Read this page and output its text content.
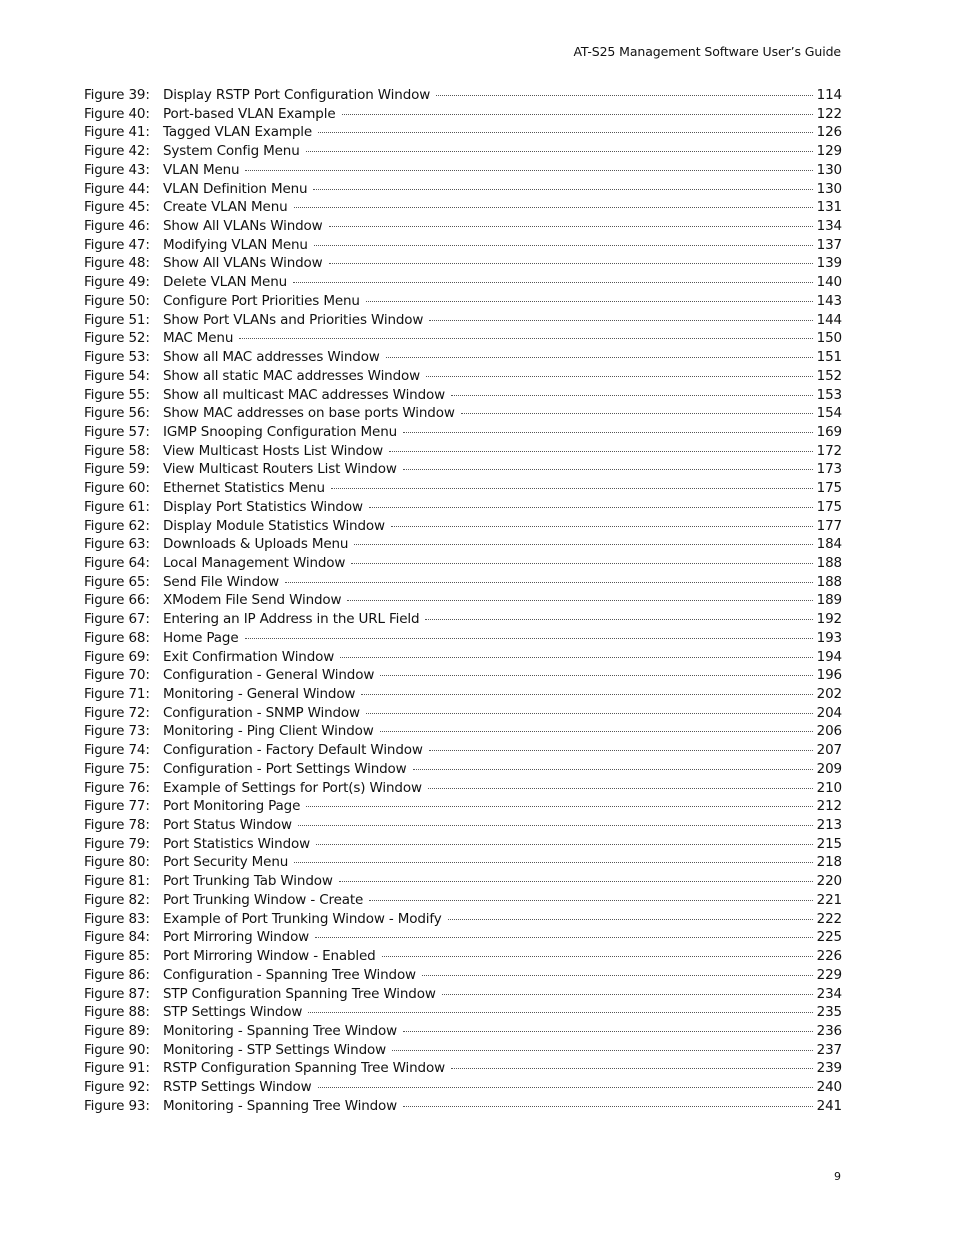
AT-S25 Management Software User’s Guide
Figure 39: Display RSTP Port Configuration Window	114
Figure 40: Port-based VLAN Example	122
Figure 41: Tagged VLAN Example	126
Figure 42: System Config Menu	129
Figure 43: VLAN Menu	130
Figure 44: VLAN Definition Menu	130
Figure 45: Create VLAN Menu	131
Figure 46: Show All VLANs Window	134
Figure 47: Modifying VLAN Menu	137
Figure 48: Show All VLANs Window	139
Figure 49: Delete VLAN Menu	140
Figure 50: Configure Port Priorities Menu	143
Figure 51: Show Port VLANs and Priorities Window	144
Figure 52: MAC Menu	150
Figure 53: Show all MAC addresses Window	151
Figure 54: Show all static MAC addresses Window	152
Figure 55: Show all multicast MAC addresses Window	153
Figure 56: Show MAC addresses on base ports Window	154
Figure 57: IGMP Snooping Configuration Menu	169
Figure 58: View Multicast Hosts List Window	172
Figure 59: View Multicast Routers List Window	173
Figure 60: Ethernet Statistics Menu	175
Figure 61: Display Port Statistics Window	175
Figure 62: Display Module Statistics Window	177
Figure 63: Downloads & Uploads Menu	184
Figure 64: Local Management Window	188
Figure 65: Send File Window	188
Figure 66: XModem File Send Window	189
Figure 67: Entering an IP Address in the URL Field	192
Figure 68: Home Page	193
Figure 69: Exit Confirmation Window	194
Figure 70: Configuration - General Window	196
Figure 71: Monitoring - General Window	202
Figure 72: Configuration - SNMP Window	204
Figure 73: Monitoring - Ping Client Window	206
Figure 74: Configuration - Factory Default Window	207
Figure 75: Configuration - Port Settings Window	209
Figure 76: Example of Settings for Port(s) Window	210
Figure 77: Port Monitoring Page	212
Figure 78: Port Status Window	213
Figure 79: Port Statistics Window	215
Figure 80: Port Security Menu	218
Figure 81: Port Trunking Tab Window	220
Figure 82: Port Trunking Window - Create	221
Figure 83: Example of Port Trunking Window - Modify	222
Figure 84: Port Mirroring Window	225
Figure 85: Port Mirroring Window - Enabled	226
Figure 86: Configuration - Spanning Tree Window	229
Figure 87: STP Configuration Spanning Tree Window	234
Figure 88: STP Settings Window	235
Figure 89: Monitoring - Spanning Tree Window	236
Figure 90: Monitoring - STP Settings Window	237
Figure 91: RSTP Configuration Spanning Tree Window	239
Figure 92: RSTP Settings Window	240
Figure 93: Monitoring - Spanning Tree Window	241
9
